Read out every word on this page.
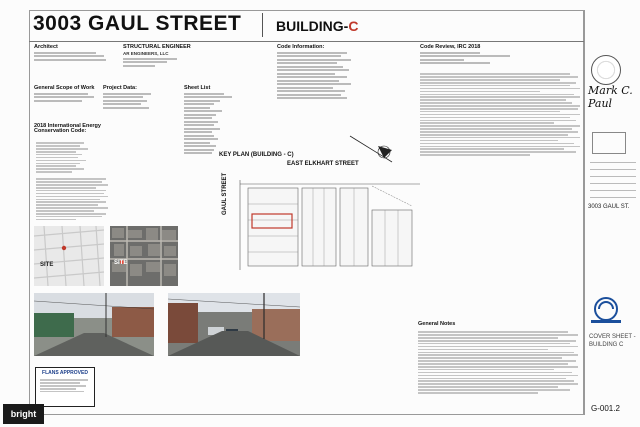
3003 GAUL STREET BUILDING-C
Architect	STRUCTURAL ENGINEER
AR ENGINEERS, LLC
Code Information:	Code Review, IRC 2018
General Scope of Work	Project Data:	Sheet List
2018 International Energy Conservation Code:
KEY PLAN (BUILDING - C)
EAST ELKHART STREET
GAUL STREET
SITE	SITE
General Notes
FLANS APPROVED
Mark C. Paul
3003 GAUL ST.
COVER SHEET -
BUILDING C
G-001.2
bright
